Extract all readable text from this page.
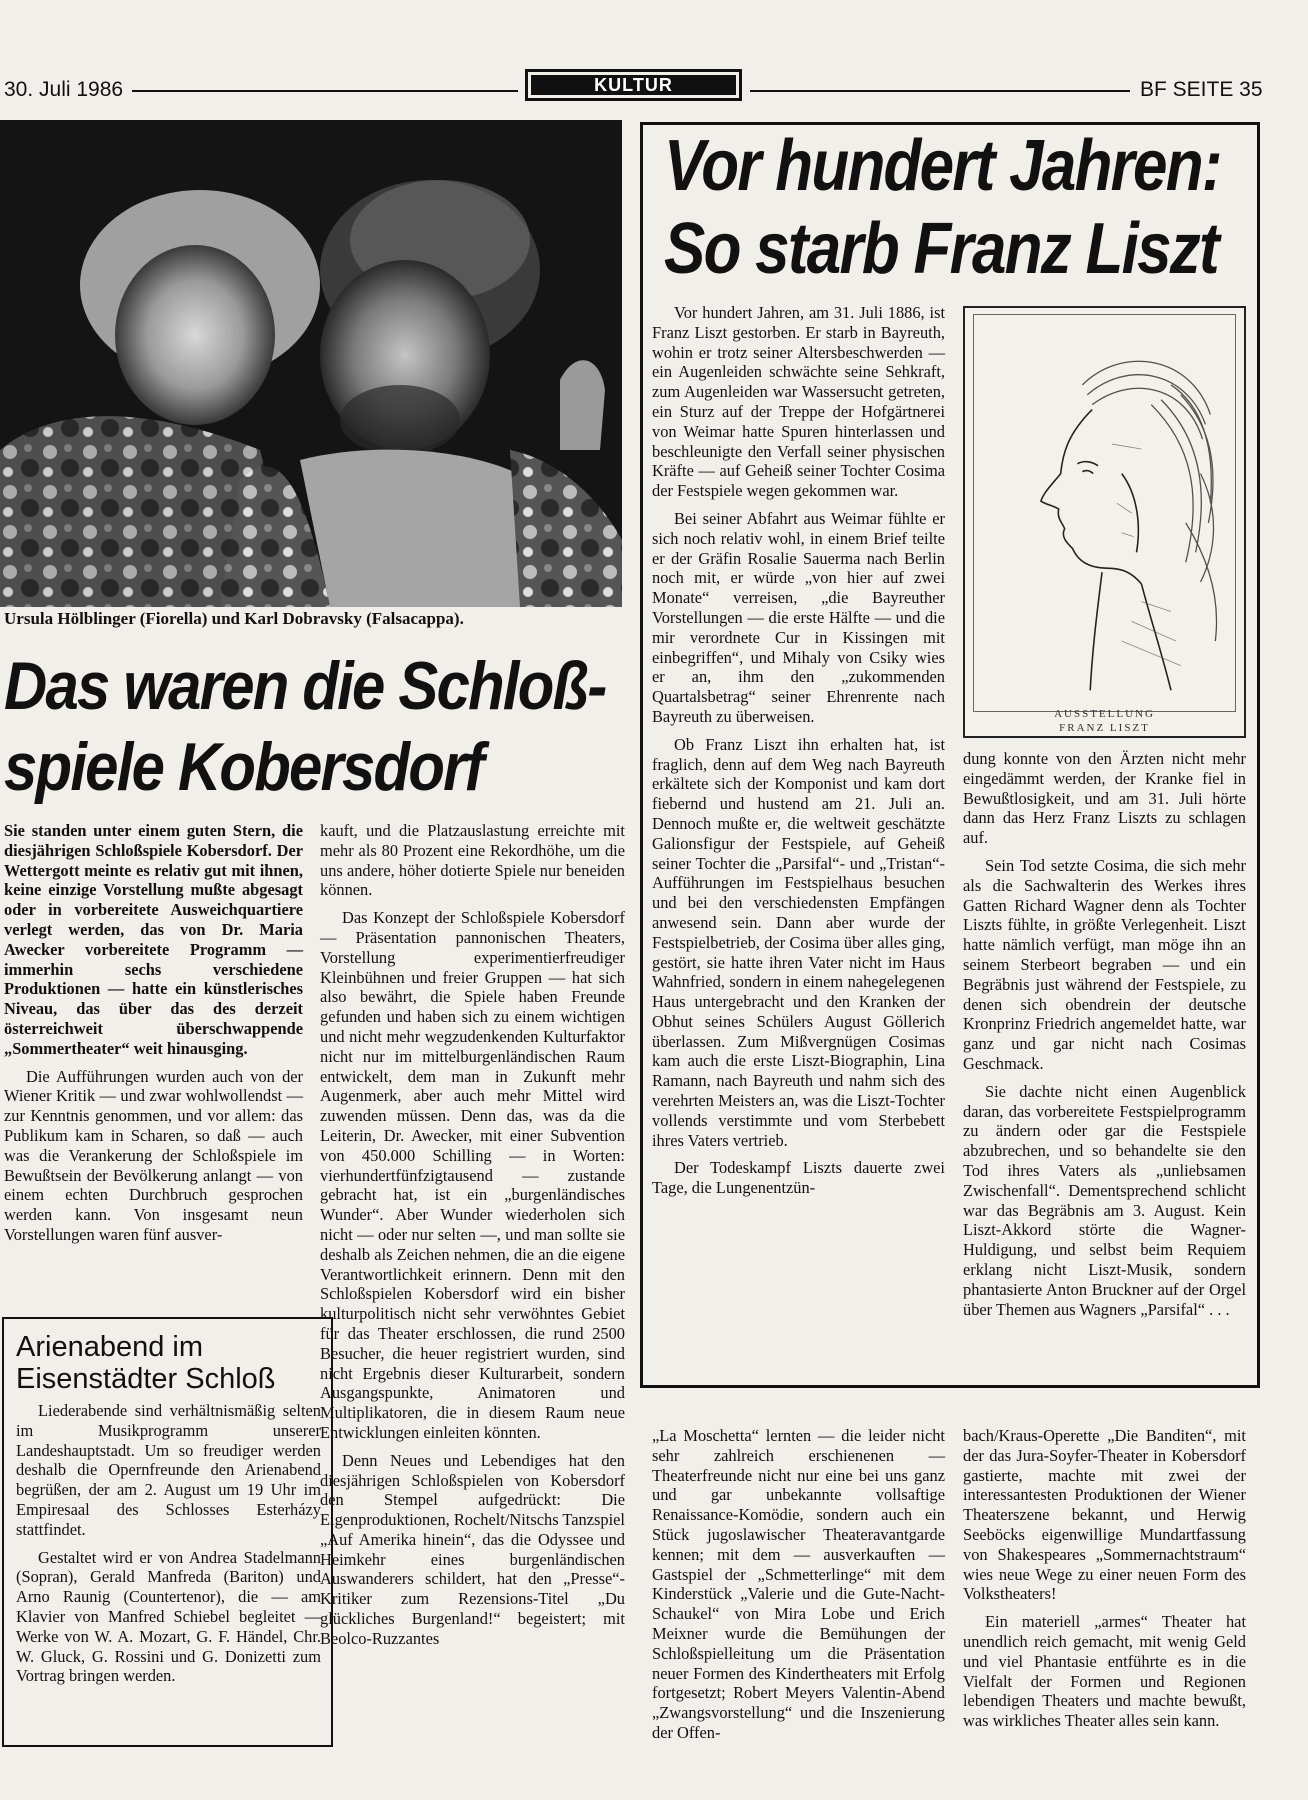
30. Juli 1986	KULTUR	BF SEITE 35
Ursula Hölblinger (Fiorella) und Karl Dobravsky (Falsacappa).
Vor hundert Jahren:
So starb Franz Liszt

Vor hundert Jahren, am 31. Juli 1886, ist Franz Liszt gestorben. Er starb in Bayreuth, wohin er trotz seiner Altersbeschwerden — ein Augenleiden schwächte seine Sehkraft, zum Augenleiden war Wassersucht getreten, ein Sturz auf der Treppe der Hofgärtnerei von Weimar hatte Spuren hinterlassen und beschleunigte den Verfall seiner physischen Kräfte — auf Geheiß seiner Tochter Cosima der Festspiele wegen gekommen war.

Bei seiner Abfahrt aus Weimar fühlte er sich noch relativ wohl, in einem Brief teilte er der Gräfin Rosalie Sauerma nach Berlin noch mit, er würde „von hier auf zwei Monate“ verreisen, „die Bayreuther Vorstellungen — die erste Hälfte — und die mir verordnete Cur in Kissingen mit einbegriffen“, und Mihaly von Csiky wies er an, ihm den „zukommenden Quartalsbetrag“ seiner Ehrenrente nach Bayreuth zu überweisen.

Ob Franz Liszt ihn erhalten hat, ist fraglich, denn auf dem Weg nach Bayreuth erkältete sich der Komponist und kam dort fiebernd und hustend am 21. Juli an. Dennoch mußte er, die weltweit geschätzte Galionsfigur der Festspiele, auf Geheiß seiner Tochter die „Parsifal“- und „Tristan“-Aufführungen im Festspielhaus besuchen und bei den verschiedensten Empfängen anwesend sein. Dann aber wurde der Festspielbetrieb, der Cosima über alles ging, gestört, sie hatte ihren Vater nicht im Haus Wahnfried, sondern in einem nahegelegenen Haus untergebracht und den Kranken der Obhut seines Schülers August Göllerich überlassen. Zum Mißvergnügen Cosimas kam auch die erste Liszt-Biographin, Lina Ramann, nach Bayreuth und nahm sich des verehrten Meisters an, was die Liszt-Tochter vollends verstimmte und vom Sterbebett ihres Vaters vertrieb.

Der Todeskampf Liszts dauerte zwei Tage, die Lungenentzün-

AUSSTELLUNG
FRANZ LISZT

dung konnte von den Ärzten nicht mehr eingedämmt werden, der Kranke fiel in Bewußtlosigkeit, und am 31. Juli hörte dann das Herz Franz Liszts zu schlagen auf.

Sein Tod setzte Cosima, die sich mehr als die Sachwalterin des Werkes ihres Gatten Richard Wagner denn als Tochter Liszts fühlte, in größte Verlegenheit. Liszt hatte nämlich verfügt, man möge ihn an seinem Sterbeort begraben — und ein Begräbnis just während der Festspiele, zu denen sich obendrein der deutsche Kronprinz Friedrich angemeldet hatte, war ganz und gar nicht nach Cosimas Geschmack.

Sie dachte nicht einen Augenblick daran, das vorbereitete Festspielprogramm zu ändern oder gar die Festspiele abzubrechen, und so behandelte sie den Tod ihres Vaters als „unliebsamen Zwischenfall“. Dementsprechend schlicht war das Begräbnis am 3. August. Kein Liszt-Akkord störte die Wagner-Huldigung, und selbst beim Requiem erklang nicht Liszt-Musik, sondern phantasierte Anton Bruckner auf der Orgel über Themen aus Wagners „Parsifal“ . . .

Das waren die Schloß-
spiele Kobersdorf

Sie standen unter einem guten Stern, die diesjährigen Schloßspiele Kobersdorf. Der Wettergott meinte es relativ gut mit ihnen, keine einzige Vorstellung mußte abgesagt oder in vorbereitete Ausweichquartiere verlegt werden, das von Dr. Maria Awecker vorbereitete Programm — immerhin sechs verschiedene Produktionen — hatte ein künstlerisches Niveau, das über das des derzeit österreichweit überschwappende „Sommertheater“ weit hinausging.

Die Aufführungen wurden auch von der Wiener Kritik — und zwar wohlwollendst — zur Kenntnis genommen, und vor allem: das Publikum kam in Scharen, so daß — auch was die Verankerung der Schloßspiele im Bewußtsein der Bevölkerung anlangt — von einem echten Durchbruch gesprochen werden kann. Von insgesamt neun Vorstellungen waren fünf ausver-

kauft, und die Platzauslastung erreichte mit mehr als 80 Prozent eine Rekordhöhe, um die uns andere, höher dotierte Spiele nur beneiden können.

Das Konzept der Schloßspiele Kobersdorf — Präsentation pannonischen Theaters, Vorstellung experimentierfreudiger Kleinbühnen und freier Gruppen — hat sich also bewährt, die Spiele haben Freunde gefunden und haben sich zu einem wichtigen und nicht mehr wegzudenkenden Kulturfaktor nicht nur im mittelburgenländischen Raum entwickelt, dem man in Zukunft mehr Augenmerk, aber auch mehr Mittel wird zuwenden müssen. Denn das, was da die Leiterin, Dr. Awecker, mit einer Subvention von 450.000 Schilling — in Worten: vierhundertfünfzigtausend — zustande gebracht hat, ist ein „burgenländisches Wunder“. Aber Wunder wiederholen sich nicht — oder nur selten —, und man sollte sie deshalb als Zeichen nehmen, die an die eigene Verantwortlichkeit erinnern. Denn mit den Schloßspielen Kobersdorf wird ein bisher kulturpolitisch nicht sehr verwöhntes Gebiet für das Theater erschlossen, die rund 2500 Besucher, die heuer registriert wurden, sind nicht Ergebnis dieser Kulturarbeit, sondern Ausgangspunkte, Animatoren und Multiplikatoren, die in diesem Raum neue Entwicklungen einleiten könnten.

Denn Neues und Lebendiges hat den diesjährigen Schloßspielen von Kobersdorf den Stempel aufgedrückt: Die Eigenproduktionen, Rochelt/Nitschs Tanzspiel „Auf Amerika hinein“, das die Odyssee und Heimkehr eines burgenländischen Auswanderers schildert, hat den „Presse“-Kritiker zum Rezensions-Titel „Du glückliches Burgenland!“ begeistert; mit Beolco-Ruzzantes

Arienabend im
Eisenstädter Schloß

Liederabende sind verhältnismäßig selten im Musikprogramm unserer Landeshauptstadt. Um so freudiger werden deshalb die Opernfreunde den Arienabend begrüßen, der am 2. August um 19 Uhr im Empiresaal des Schlosses Esterházy stattfindet.

Gestaltet wird er von Andrea Stadelmann (Sopran), Gerald Manfreda (Bariton) und Arno Raunig (Countertenor), die — am Klavier von Manfred Schiebel begleitet — Werke von W. A. Mozart, G. F. Händel, Chr. W. Gluck, G. Rossini und G. Donizetti zum Vortrag bringen werden.

„La Moschetta“ lernten — die leider nicht sehr zahlreich erschienenen — Theaterfreunde nicht nur eine bei uns ganz und gar unbekannte vollsaftige Renaissance-Komödie, sondern auch ein Stück jugoslawischer Theateravantgarde kennen; mit dem — ausverkauften — Gastspiel der „Schmetterlinge“ mit dem Kinderstück „Valerie und die Gute-Nacht-Schaukel“ von Mira Lobe und Erich Meixner wurde die Bemühungen der Schloßspielleitung um die Präsentation neuer Formen des Kindertheaters mit Erfolg fortgesetzt; Robert Meyers Valentin-Abend „Zwangsvorstellung“ und die Inszenierung der Offen-

bach/Kraus-Operette „Die Banditen“, mit der das Jura-Soyfer-Theater in Kobersdorf gastierte, machte mit zwei der interessantesten Produktionen der Wiener Theaterszene bekannt, und Herwig Seeböcks eigenwillige Mundartfassung von Shakespeares „Sommernachtstraum“ wies neue Wege zu einer neuen Form des Volkstheaters!

Ein materiell „armes“ Theater hat unendlich reich gemacht, mit wenig Geld und viel Phantasie entführte es in die Vielfalt der Formen und Regionen lebendigen Theaters und machte bewußt, was wirkliches Theater alles sein kann.
